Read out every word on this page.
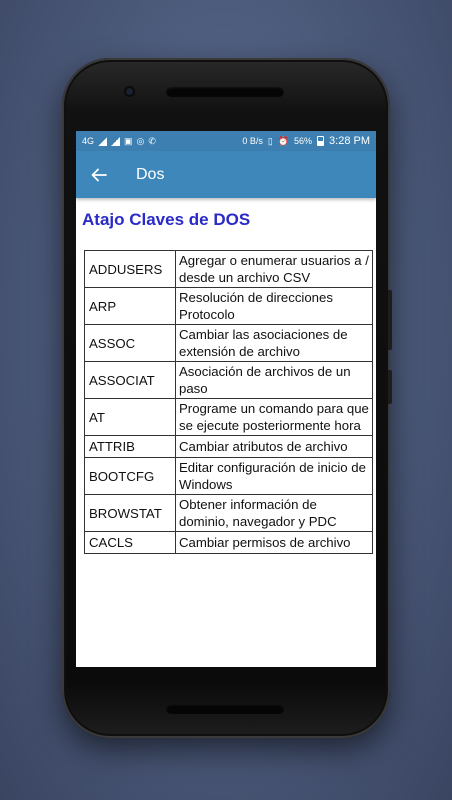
4G	▣ ◎ ✆	0 B/s ▯ ⏰ 56% 3:28 PM
Dos
Atajo Claves de DOS
ADDUSERS	Agregar o enumerar usuarios a / desde un archivo CSV
ARP	Resolución de direcciones Protocolo
ASSOC	Cambiar las asociaciones de extensión de archivo
ASSOCIAT	Asociación de archivos de un paso
AT	Programe un comando para que se ejecute posteriormente hora
ATTRIB	Cambiar atributos de archivo
BOOTCFG	Editar configuración de inicio de Windows
BROWSTAT	Obtener información de dominio, navegador y PDC
CACLS	Cambiar permisos de archivo
